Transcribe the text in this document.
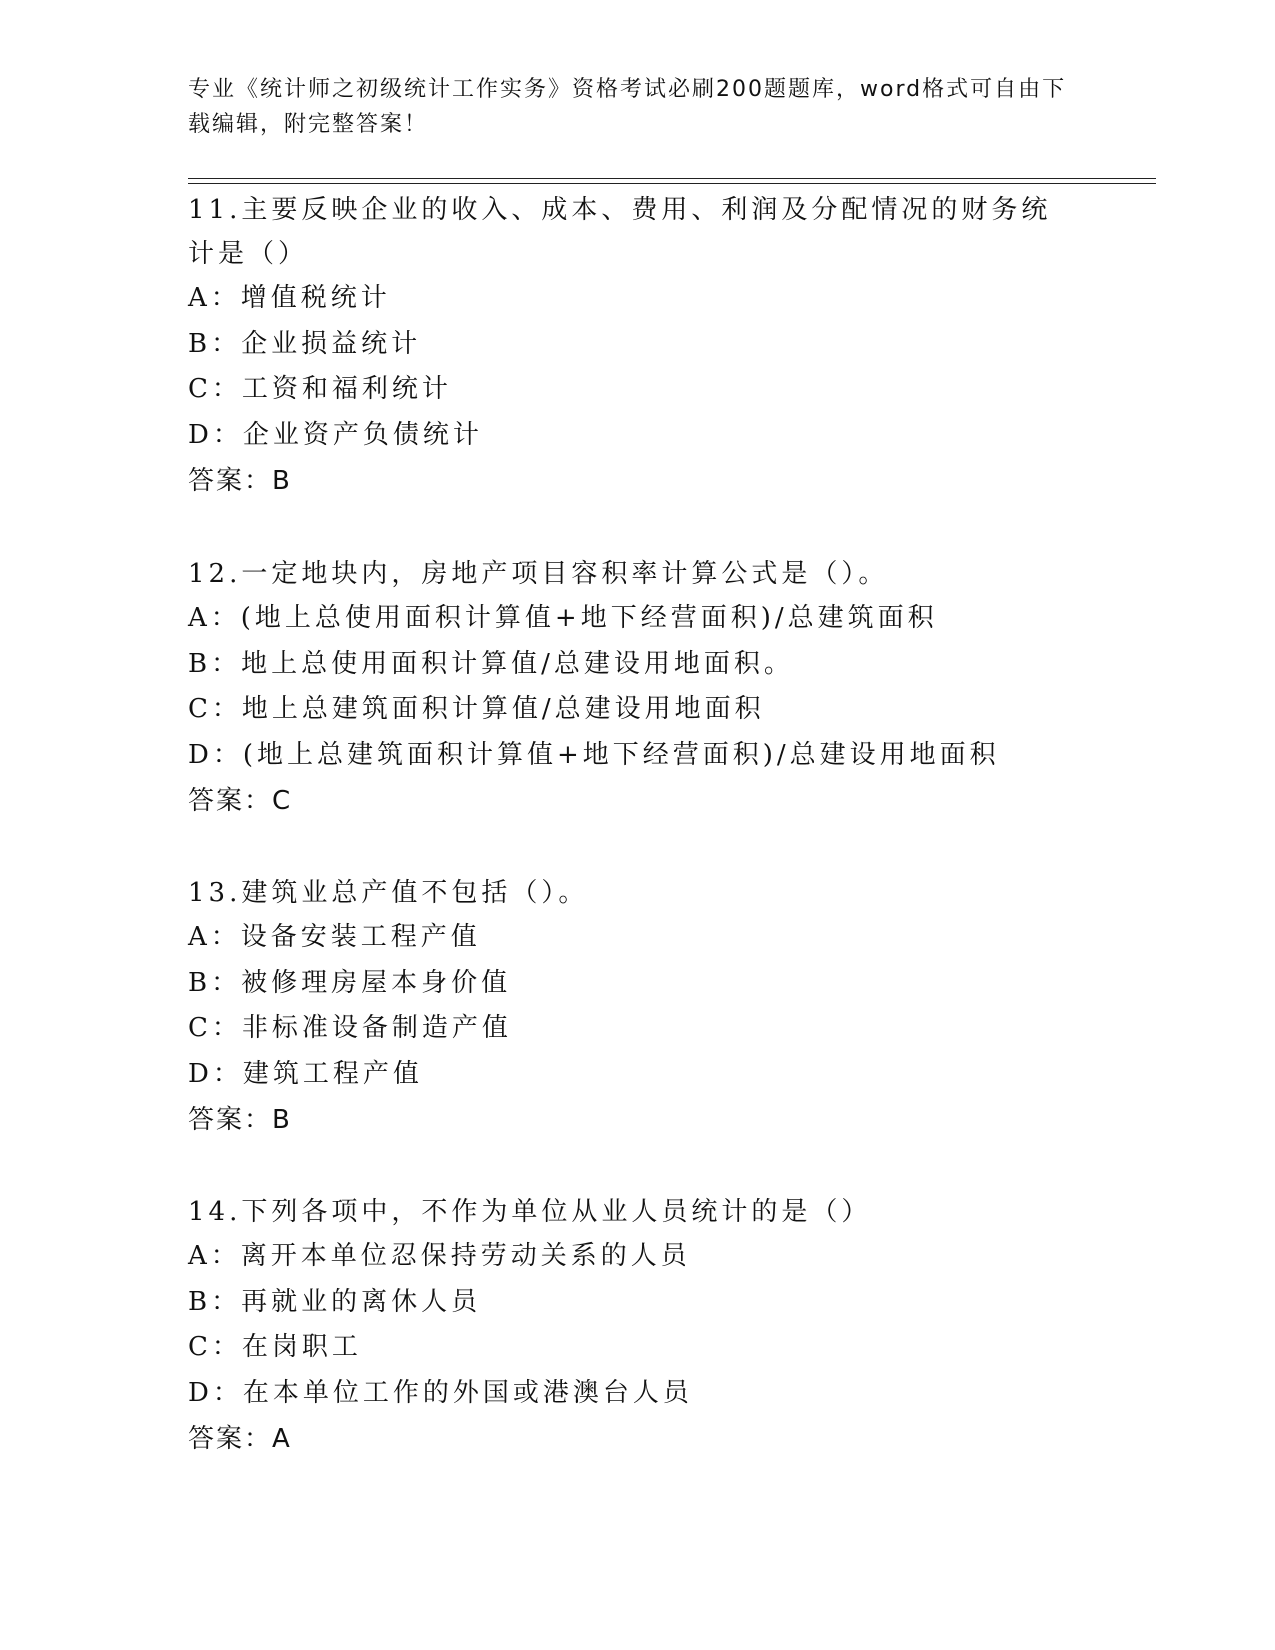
专业《统计师之初级统计工作实务》资格考试必刷200题题库，word格式可自由下载编辑，附完整答案！
11.主要反映企业的收入、成本、费用、利润及分配情况的财务统计是（）
A：增值税统计
B：企业损益统计
C：工资和福利统计
D：企业资产负债统计
答案：B
12.一定地块内，房地产项目容积率计算公式是（）。
A：(地上总使用面积计算值+地下经营面积)/总建筑面积
B：地上总使用面积计算值/总建设用地面积。
C：地上总建筑面积计算值/总建设用地面积
D：(地上总建筑面积计算值+地下经营面积)/总建设用地面积
答案：C
13.建筑业总产值不包括（）。
A：设备安装工程产值
B：被修理房屋本身价值
C：非标准设备制造产值
D：建筑工程产值
答案：B
14.下列各项中，不作为单位从业人员统计的是（）
A：离开本单位忍保持劳动关系的人员
B：再就业的离休人员
C：在岗职工
D：在本单位工作的外国或港澳台人员
答案：A
